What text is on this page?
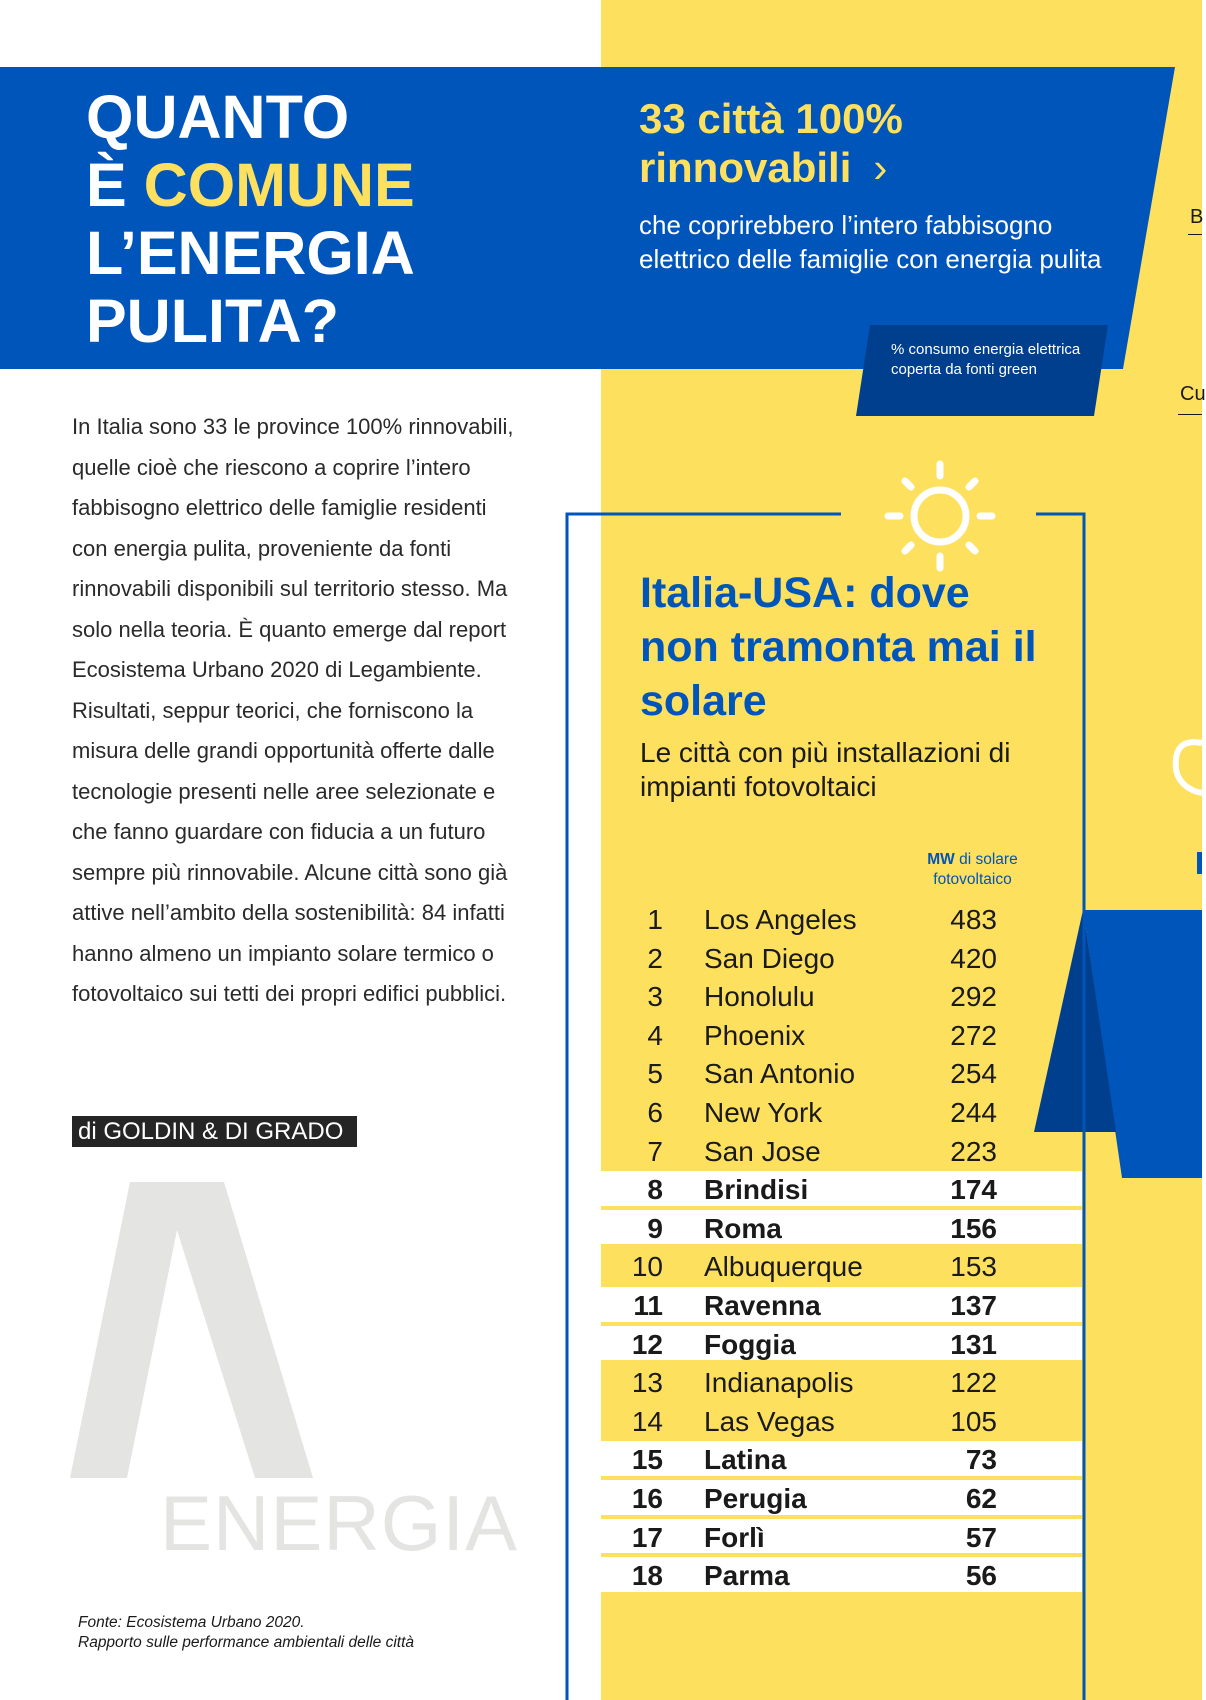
QUANTO
È COMUNE
L’ENERGIA
PULITA?
33 città 100%
rinnovabili ›
che coprirebbero l’intero fabbisogno elettrico delle famiglie con energia pulita
% consumo energia elettrica coperta da fonti green

In Italia sono 33 le province 100% rinnovabili, quelle cioè che riescono a coprire l’intero fabbisogno elettrico delle famiglie residenti con energia pulita, proveniente da fonti rinnovabili disponibili sul territorio stesso. Ma solo nella teoria. È quanto emerge dal report Ecosistema Urbano 2020 di Legambiente. Risultati, seppur teorici, che forniscono la misura delle grandi opportunità offerte dalle tecnologie presenti nelle aree selezionate e che fanno guardare con fiducia a un futuro sempre più rinnovabile. Alcune città sono già attive nell’ambito della sostenibilità: 84 infatti hanno almeno un impianto solare termico o fotovoltaico sui tetti dei propri edifici pubblici.

di GOLDIN & DI GRADO
ENERGIA
Fonte: Ecosistema Urbano 2020.
Rapporto sulle performance ambientali delle città
Italia-USA: dove non tramonta mai il solare
Le città con più installazioni di impianti fotovoltaici
MW di solare fotovoltaico
1 Los Angeles	483
2 San Diego	420
3 Honolulu	292
4 Phoenix	272
5 San Antonio	254
6 New York	244
7 San Jose	223
8 Brindisi	174
9 Roma	156
10 Albuquerque	153
11 Ravenna	137
12 Foggia	131
13 Indianapolis	122
14 Las Vegas	105
15 Latina	73
16 Perugia	62
17 Forlì	57
18 Parma	56
B
Cu
